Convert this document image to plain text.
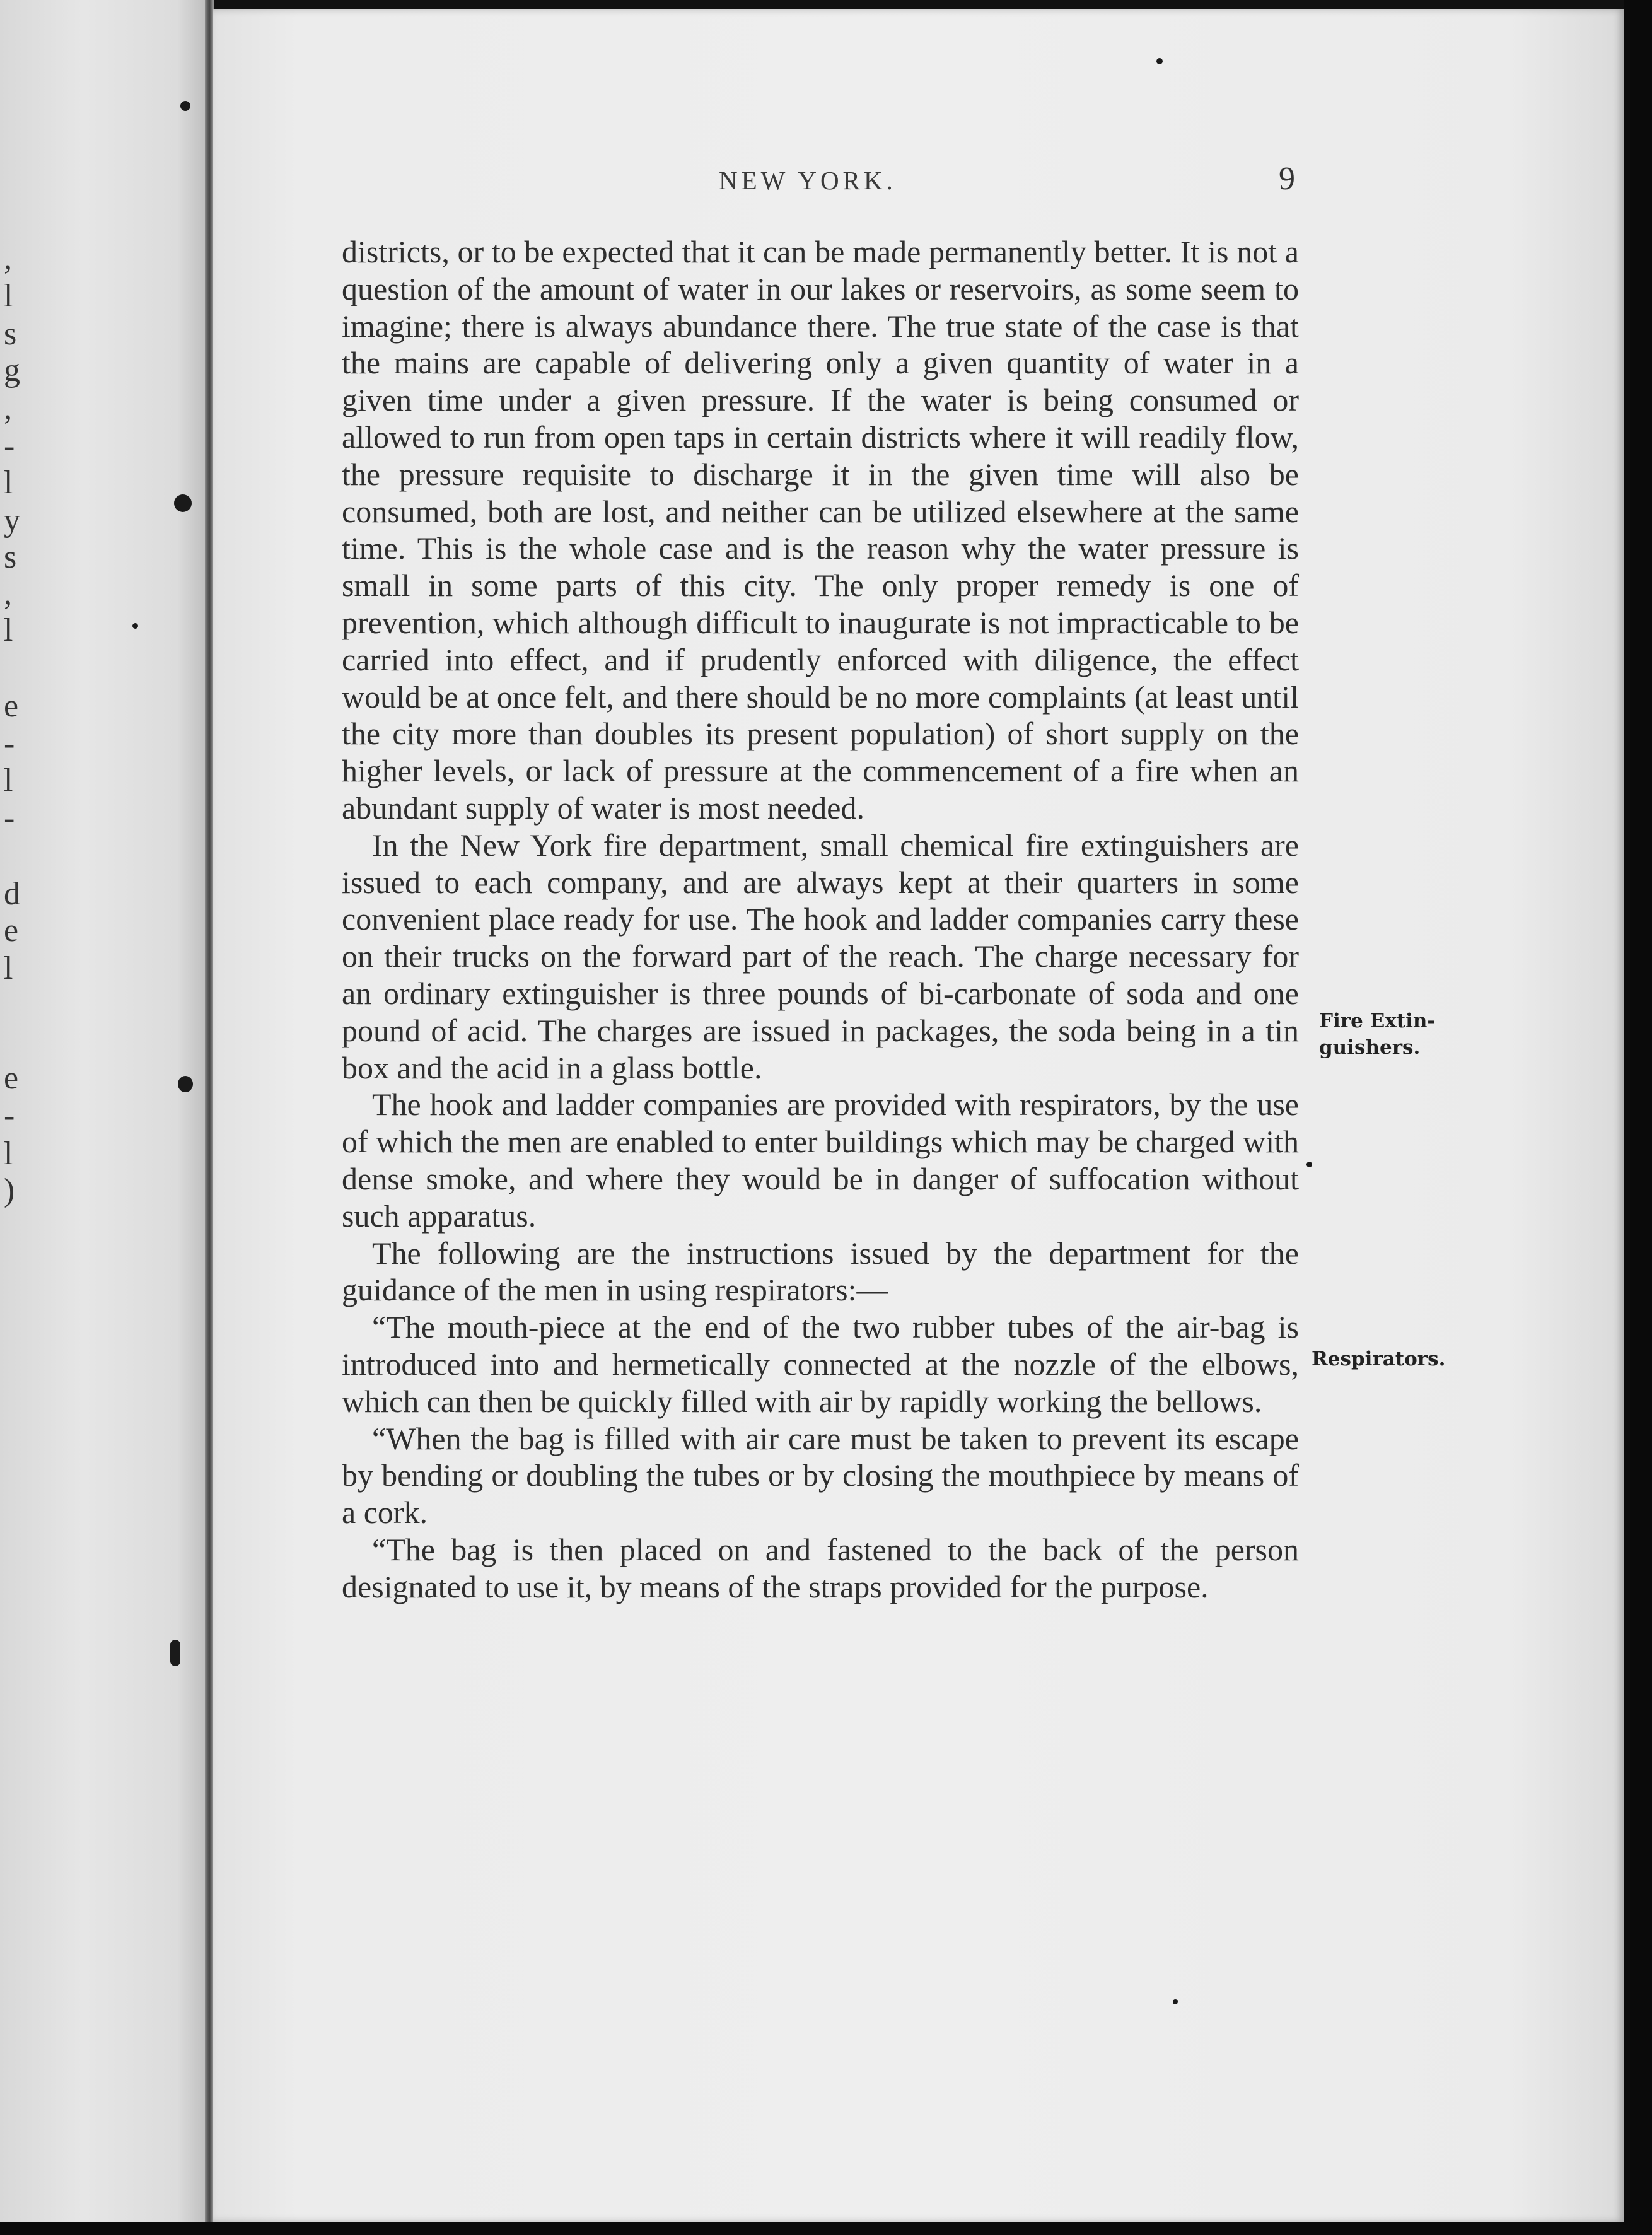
,
l
s
g
,
-
l
y
s
,
l
e
-
l
-
d
e
l
e
-
l
)
NEW YORK.	9
Fire Extin-
guishers.
Respirators.

districts, or to be expected that it can be made permanently better. It is not a question of the amount of water in our lakes or reservoirs, as some seem to imagine; there is always abundance there. The true state of the case is that the mains are capable of delivering only a given quantity of water in a given time under a given pressure. If the water is being consumed or allowed to run from open taps in certain districts where it will readily flow, the pressure requisite to discharge it in the given time will also be consumed, both are lost, and neither can be utilized elsewhere at the same time. This is the whole case and is the reason why the water pressure is small in some parts of this city. The only proper remedy is one of prevention, which although difficult to inaugurate is not impracticable to be carried into effect, and if prudently enforced with diligence, the effect would be at once felt, and there should be no more complaints (at least until the city more than doubles its present population) of short supply on the higher levels, or lack of pressure at the commencement of a fire when an abundant supply of water is most needed.

In the New York fire department, small chemical fire extinguishers are issued to each company, and are always kept at their quarters in some convenient place ready for use. The hook and ladder companies carry these on their trucks on the forward part of the reach. The charge necessary for an ordinary extinguisher is three pounds of bi-carbonate of soda and one pound of acid. The charges are issued in packages, the soda being in a tin box and the acid in a glass bottle.

The hook and ladder companies are provided with respirators, by the use of which the men are enabled to enter buildings which may be charged with dense smoke, and where they would be in danger of suffocation without such apparatus.

The following are the instructions issued by the department for the guidance of the men in using respirators:—

“The mouth-piece at the end of the two rubber tubes of the air-bag is introduced into and hermetically connected at the nozzle of the elbows, which can then be quickly filled with air by rapidly working the bellows.

“When the bag is filled with air care must be taken to prevent its escape by bending or doubling the tubes or by closing the mouthpiece by means of a cork.

“The bag is then placed on and fastened to the back of the person designated to use it, by means of the straps provided for the purpose.
